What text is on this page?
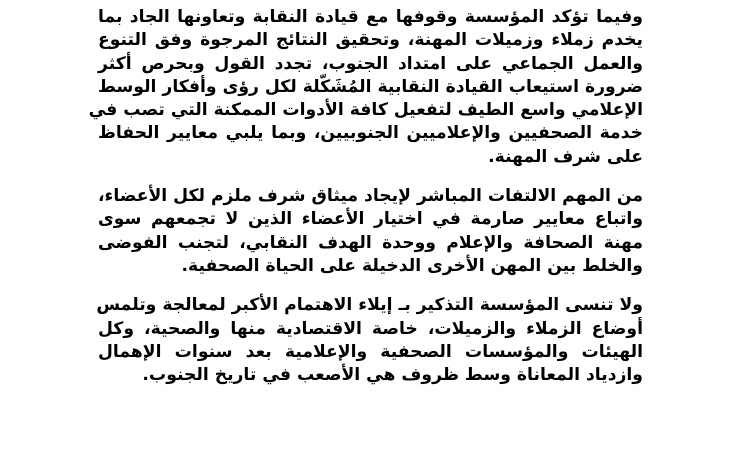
وفيما تؤكد المؤسسة وقوفها مع قيادة النقابة وتعاونها الجاد بما
يخدم زملاء وزميلات المهنة، وتحقيق النتائج المرجوة وفق التنوع
والعمل الجماعي على امتداد الجنوب، تجدد القول وبحرص أكثر
ضرورة استيعاب القيادة النقابية المُشَكّلة لكل رؤى وأفكار الوسط
الإعلامي واسع الطيف لتفعيل كافة الأدوات الممكنة التي تصب في
خدمة الصحفيين والإعلاميين الجنوبيين، وبما يلبي معايير الحفاظ
على شرف المهنة.
من المهم الالتفات المباشر لإيجاد ميثاق شرف ملزم لكل الأعضاء،
واتباع معايير صارمة في اختيار الأعضاء الذين لا تجمعهم سوى
مهنة الصحافة والإعلام ووحدة الهدف النقابي، لتجنب الفوضى
والخلط بين المهن الأخرى الدخيلة على الحياة الصحفية.
ولا تنسى المؤسسة التذكير بـ إيلاء الاهتمام الأكبر لمعالجة وتلمس
أوضاع الزملاء والزميلات، خاصة الاقتصادية منها والصحية، وكل
الهيئات والمؤسسات الصحفية والإعلامية بعد سنوات الإهمال
وازدياد المعاناة وسط ظروف هي الأصعب في تاريخ الجنوب.
